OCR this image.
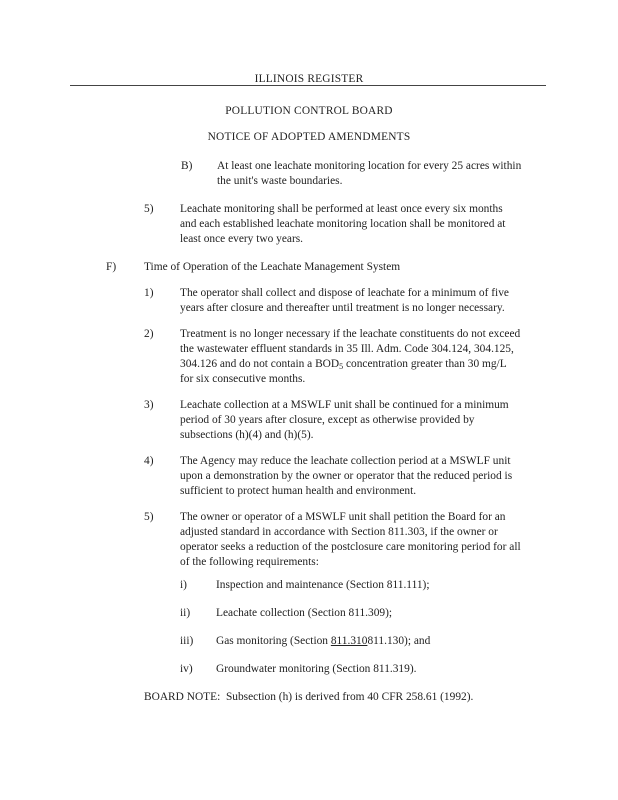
ILLINOIS REGISTER
POLLUTION CONTROL BOARD
NOTICE OF ADOPTED AMENDMENTS
B) At least one leachate monitoring location for every 25 acres within
the unit's waste boundaries.
5) Leachate monitoring shall be performed at least once every six months
and each established leachate monitoring location shall be monitored at
least once every two years.
F) Time of Operation of the Leachate Management System
1) The operator shall collect and dispose of leachate for a minimum of five
years after closure and thereafter until treatment is no longer necessary.
2) Treatment is no longer necessary if the leachate constituents do not exceed
the wastewater effluent standards in 35 Ill. Adm. Code 304.124, 304.125,
304.126 and do not contain a $BOD_5$ concentration greater than 30 mg/L
for six consecutive months.
3) Leachate collection at a MSWLF unit shall be continued for a minimum
period of 30 years after closure, except as otherwise provided by
subsections (h)(4) and (h)(5).
4) The Agency may reduce the leachate collection period at a MSWLF unit
upon a demonstration by the owner or operator that the reduced period is
sufficient to protect human health and environment.
5) The owner or operator of a MSWLF unit shall petition the Board for an
adjusted standard in accordance with Section 811.303, if the owner or
operator seeks a reduction of the postclosure care monitoring period for all
of the following requirements:
i)	Inspection and maintenance (Section 811.111);
ii) Leachate collection (Section 811.309);
iii) Gas monitoring (Section 811.310811.130); and
iv) Groundwater monitoring (Section 811.319).
BOARD NOTE:  Subsection (h) is derived from 40 CFR 258.61 (1992).
